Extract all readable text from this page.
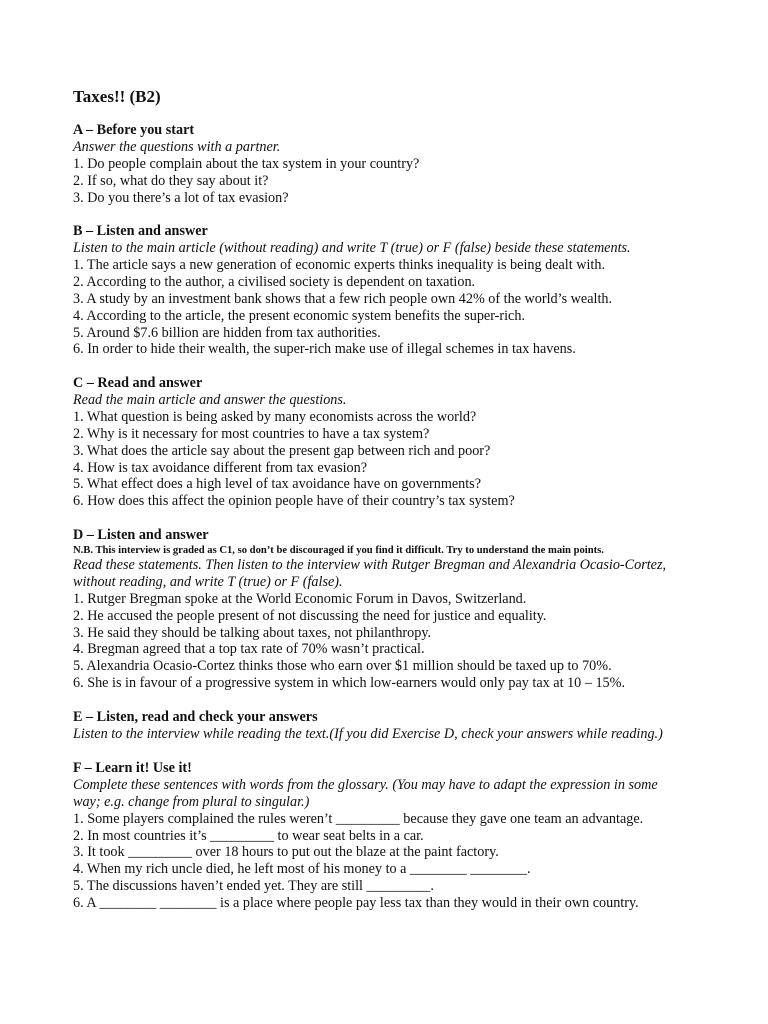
Taxes!! (B2)
A – Before you start
Answer the questions with a partner.
1. Do people complain about the tax system in your country?
2. If so, what do they say about it?
3. Do you there’s a lot of tax evasion?
B – Listen and answer
Listen to the main article (without reading) and write T (true) or F (false) beside these statements.
1. The article says a new generation of economic experts thinks inequality is being dealt with.
2. According to the author, a civilised society is dependent on taxation.
3. A study by an investment bank shows that a few rich people own 42% of the world’s wealth.
4. According to the article, the present economic system benefits the super-rich.
5. Around $7.6 billion are hidden from tax authorities.
6. In order to hide their wealth, the super-rich make use of illegal schemes in tax havens.
C – Read and answer
Read the main article and answer the questions.
1. What question is being asked by many economists across the world?
2. Why is it necessary for most countries to have a tax system?
3. What does the article say about the present gap between rich and poor?
4. How is tax avoidance different from tax evasion?
5. What effect does a high level of tax avoidance have on governments?
6. How does this affect the opinion people have of their country’s tax system?
D – Listen and answer
N.B. This interview is graded as C1, so don’t be discouraged if you find it difficult. Try to understand the main points.
Read these statements. Then listen to the interview with Rutger Bregman and Alexandria Ocasio-Cortez, without reading, and write T (true) or F (false).
1. Rutger Bregman spoke at the World Economic Forum in Davos, Switzerland.
2. He accused the people present of not discussing the need for justice and equality.
3. He said they should be talking about taxes, not philanthropy.
4. Bregman agreed that a top tax rate of 70% wasn’t practical.
5. Alexandria Ocasio-Cortez thinks those who earn over $1 million should be taxed up to 70%.
6. She is in favour of a progressive system in which low-earners would only pay tax at 10 – 15%.
E – Listen, read and check your answers
Listen to the interview while reading the text.(If you did Exercise D, check your answers while reading.)
F – Learn it! Use it!
Complete these sentences with words from the glossary. (You may have to adapt the expression in some way; e.g. change from plural to singular.)
1. Some players complained the rules weren’t _________ because they gave one team an advantage.
2. In most countries it’s _________ to wear seat belts in a car.
3. It took _________ over 18 hours to put out the blaze at the paint factory.
4. When my rich uncle died, he left most of his money to a ________ ________.
5. The discussions haven’t ended yet. They are still _________.
6. A ________ ________ is a place where people pay less tax than they would in their own country.
